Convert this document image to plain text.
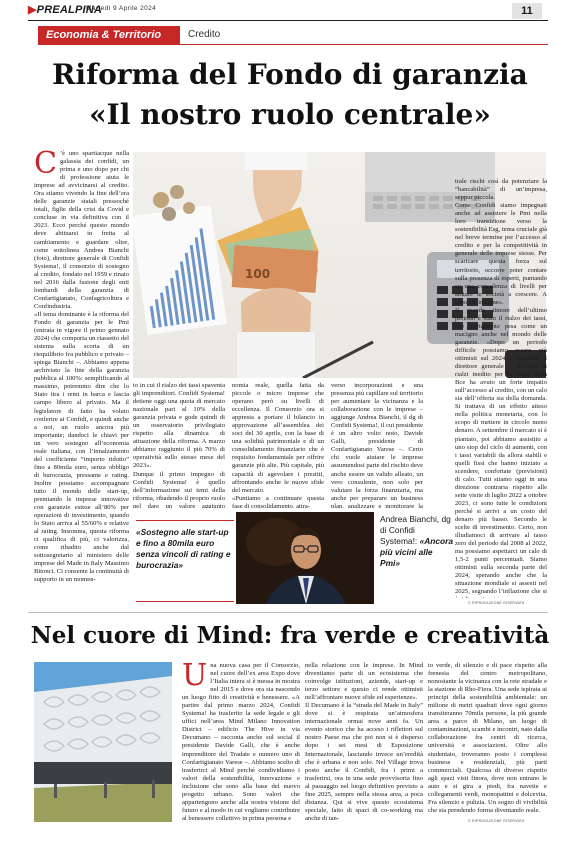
▶PREALPINA
Martedì 9 Aprile 2024	11
Economia & Territorio	Credito
Riforma del Fondo di garanzia
«Il nostro ruolo centrale»
C ’è uno spartiacque nella galassia dei confidi, un prima e uno dopo per chi di professione aiuta le imprese ad avvicinarsi al credito. Ora stiamo vivendo la fine dell’era delle garanzie statali pressoché totali, figlie della crisi da Covid e concluse in via definitiva con il 2023. Ecco perché questo mondo deve abituarsi in fretta al cambiamento e guardare oltre, come sottolinea Andrea Bianchi (foto), direttore generale di Confidi Systema!, il consorzio di sostegno al credito, fondato nel 1959 e rinato nel 2016 dalla fusione degli enti lombardi della garanzia di Confartigianato, Confagricoltura e Confindustria.

«Il tema dominante è la riforma del Fondo di garanzia per le Pmi (entrata in vigore il primo gennaio 2024) che comporta un riassetto del sistema sulla scorta di un riequilibrio fra pubblico e privato – spiega Bianchi –. Abbiamo appena archiviato la fine della garanzia pubblica al 100%: semplificando al massimo, potremmo dire che lo Stato tira i remi in barca e lascia campo libero al privato. Ma il legislatore di fatto ha voluto conferire ai Confidi, e quindi anche a noi, un ruolo ancora più importante; dandoci le chiavi per un vero sostegno all’economia reale italiana, con l’innalzamento del coefficiente “importo ridotto” fino a 80mila euro, senza obbligo di burocrazia, pressante e rating. Inoltre possiamo accompagnare tutto il mondo delle start-up, premiando le imprese innovative con garanzie estese all’80% per operazioni di investimento, quando lo Stato arriva al 55/60% e relative al rating. Insomma, questa riforma ci qualifica di più, ci valorizza, come ribadito anche dal sottosegretario al ministero delle imprese del Made in Italy Massimo Bitonci. Ci consente la continuità di supporto in un momen-

100

to in cui il rialzo dei tassi spaventa gli imprenditori. Confidi Systema! detiene oggi una quota di mercato nazionale pari al 10% della garanzia privata e gode quindi di un osservatorio privilegiato rispetto alla dinamica di attuazione della riforma. A marzo abbiamo raggiunto il più 70% di operatività sullo stesso mese del 2023».

Dunque il primo impegno di Confidi Systema! è quello dell’informazione sui temi della riforma, ribadendo il proprio ruolo nel dare un valore aggiunto

nomia reale, quella fatta da piccole o micro imprese che operano però su livelli di eccellenza. Il Consorzio ora si appresta a portare il bilancio in approvazione all’assemblea dei soci del 30 aprile, con la base di una solidità patrimoniale e di un consolidamento finanziario che è requisito fondamentale per offrire garanzie più alte. Più capitale, più capacità di agevolare i prestiti, affrontando anche le nuove sfide del mercato.

«Puntiamo a continuare questa fase di consolidamento, attra-

verso incorporazioni e una presenza più capillare sul territorio per aumentare la vicinanza e la collaborazione con le imprese – aggiunge Andrea Bianchi, il dg di Confidi Systema!, il cui presidente è un altro volto noto, Davide Galli, presidente di Confartigianato Varese –. Certo chi vuole aiutare le imprese assumendosi parte del rischio deve anche essere un valido alleato, un vero consulente, non solo per valutare la forza finanziaria, ma anche per preparare un business plan, analizzare e monitorare la

trale rischi così da potenziare la “bancabilità” di un’impresa, seppur piccola.

Come Confidi siamo impegnati anche ad assistere le Pmi nella loro transizione verso la sostenibilità Esg, tema cruciale già nel breve termine per l’accesso al credito e per la competitività in generale delle imprese stesse. Per scaricare questa forza sul territorio, occorre poter contare sulla presenza di esperti, puntando su una consulenza di livelli per aiutare le società a crescere. A crescere insieme».

Il grande timore dell’ultimo periodo è stato il rialzo dei tassi, che ovviamente pesa come un macigno anche nel mondo delle garanzie. «Dopo un periodo difficile possiamo essere più ottimisti sul 2024 – conclude il direttore generale –. Il ciclo di rialzi inedito per la storia della Bce ha avuto un forte impatto sull’accesso al credito, con un calo sia dell’offerta sia della domanda. Si trattava di un effetto atteso nella politica monetaria, con lo scopo di mettere in circolo meno denaro. A settembre il mercato si è piantato, poi abbiamo assistito a uno stop del ciclo di aumenti, con i tassi variabili da allora stabili e quelli fissi che hanno iniziato a scendere, confortate (previsioni) di calo. Tutti stiamo oggi in una direzione contraria rispetto alle sette visite di luglio 2022 a ottobre 2023, ci sono tutte le condizioni perché si arrivi a un costo del denaro più basso. Secondo le scelte di investimento. Certo, non illudiamoci di arrivare al tasso zero del periodo dal 2008 al 2022, ma possiamo aspettarci un calo di 1,5-2 punti percentuali. Siamo ottimisti sulla seconda parte del 2024, sperando anche che la situazione mondiale si assesti nel 2025, segnando l’inflazione che si

«Sostegno alle start-up e fino a 80mila euro senza vincoli di rating e burocrazia»
Andrea Bianchi, dg di Confidi Systema!: «Ancora più vicini alle Pmi»
© RIPRODUZIONE RISERVATA
Nel cuore di Mind: fra verde e creatività
U na nuova casa per il Consorzio, nel cuore dell’ex area Expo dove l’Italia intera si è messa in mostra nel 2015 e dove ora sta nascendo un luogo fitto di creatività e benessere. «A partire dal primo marzo 2024, Confidi Systema! ha trasferito la sede legale e gli uffici nell’area Mind Milano Innovation District – edificio The Hive in via Decumano – racconta anche sul social il presidente Davide Galli, che è anche imprenditore del Tradate e numero uno di Confartigianato Varese –. Abbiamo scelto di trasferirci al Mind perché condividiamo i valori della sostenibilità, innovazione e inclusione che sono alla base del nuovo progetto urbano. Sono valori che appartengono anche alla nostra visione del futuro e al modo in cui vogliamo contribuire al benessere collettivo in prima persona e

nella relazione con le imprese. In Mind diventiamo parte di un ecosistema che coinvolge istituzioni, aziende, start-up e terzo settore e questo ci rende ottimisti nell’affrontare nuove sfide ed esperienze».

Il Decumano è la “strada del Made in Italy” dove si è respirata un’atmosfera internazionale ormai nove anni fa. Un evento storico che ha acceso i riflettori sul nostro Paese ma che poi non si è disperso dopo i sei mesi di Esposizione Internazionale, lasciando invece un’eredità che è urbana e non solo. Nel Village trova posto anche il Confidi, fra i primi a trasferirsi, ora in una sede provvisoria fino al passaggio nel luogo definitivo previsto a fine 2025, sempre nella stessa area, a poca distanza. Qui si vive questo ecosistema speciale, fatto di spazi di co-working ma anche di tan-

to verde, di silenzio e di pace rispetto alla frenesia del centro metropolitano, nonostante la vicinanza con la rete stradale e la stazione di Rho-Fiera. Una sede ispirata ai principi della sostenibilità ambientale: un milione di metri quadrati dove ogni giorno transiteranno 70mila persone, la più grande area a parco di Milano, un luogo di contaminazioni, scambi e incontri, nato dalla collaborazione fra centri di ricerca, università e associazioni. Oltre allo studentato, troveranno posto i complessi business e residenziali, più parti commerciali. Qualcosa di diverso rispetto agli spazi visti finora, dove non entrano le auto e si gira a piedi, fra navette e collegamenti verdi, monopattini e dolcevita. Fra silenzio e pulizia. Un sogno di vivibilità che sta prendendo forma diventando reale.

© RIPRODUZIONE RISERVATA
